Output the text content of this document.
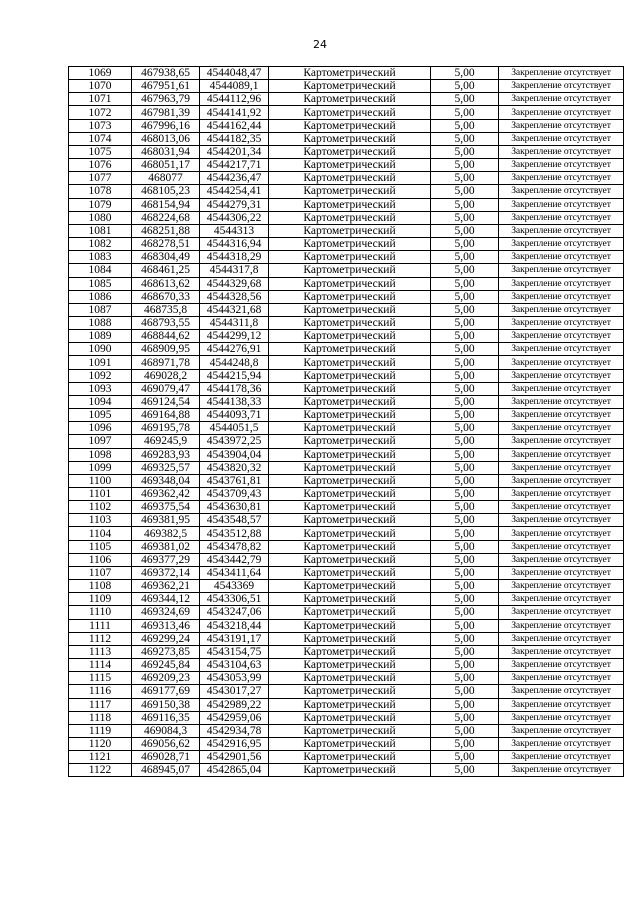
24
1069	467938,65	4544048,47	Картометрический	5,00	Закрепление отсутствует
1070	467951,61	4544089,1	Картометрический	5,00	Закрепление отсутствует
1071	467963,79	4544112,96	Картометрический	5,00	Закрепление отсутствует
1072	467981,39	4544141,92	Картометрический	5,00	Закрепление отсутствует
1073	467996,16	4544162,44	Картометрический	5,00	Закрепление отсутствует
1074	468013,06	4544182,35	Картометрический	5,00	Закрепление отсутствует
1075	468031,94	4544201,34	Картометрический	5,00	Закрепление отсутствует
1076	468051,17	4544217,71	Картометрический	5,00	Закрепление отсутствует
1077	468077	4544236,47	Картометрический	5,00	Закрепление отсутствует
1078	468105,23	4544254,41	Картометрический	5,00	Закрепление отсутствует
1079	468154,94	4544279,31	Картометрический	5,00	Закрепление отсутствует
1080	468224,68	4544306,22	Картометрический	5,00	Закрепление отсутствует
1081	468251,88	4544313	Картометрический	5,00	Закрепление отсутствует
1082	468278,51	4544316,94	Картометрический	5,00	Закрепление отсутствует
1083	468304,49	4544318,29	Картометрический	5,00	Закрепление отсутствует
1084	468461,25	4544317,8	Картометрический	5,00	Закрепление отсутствует
1085	468613,62	4544329,68	Картометрический	5,00	Закрепление отсутствует
1086	468670,33	4544328,56	Картометрический	5,00	Закрепление отсутствует
1087	468735,8	4544321,68	Картометрический	5,00	Закрепление отсутствует
1088	468793,55	4544311,8	Картометрический	5,00	Закрепление отсутствует
1089	468844,62	4544299,12	Картометрический	5,00	Закрепление отсутствует
1090	468909,95	4544276,91	Картометрический	5,00	Закрепление отсутствует
1091	468971,78	4544248,8	Картометрический	5,00	Закрепление отсутствует
1092	469028,2	4544215,94	Картометрический	5,00	Закрепление отсутствует
1093	469079,47	4544178,36	Картометрический	5,00	Закрепление отсутствует
1094	469124,54	4544138,33	Картометрический	5,00	Закрепление отсутствует
1095	469164,88	4544093,71	Картометрический	5,00	Закрепление отсутствует
1096	469195,78	4544051,5	Картометрический	5,00	Закрепление отсутствует
1097	469245,9	4543972,25	Картометрический	5,00	Закрепление отсутствует
1098	469283,93	4543904,04	Картометрический	5,00	Закрепление отсутствует
1099	469325,57	4543820,32	Картометрический	5,00	Закрепление отсутствует
1100	469348,04	4543761,81	Картометрический	5,00	Закрепление отсутствует
1101	469362,42	4543709,43	Картометрический	5,00	Закрепление отсутствует
1102	469375,54	4543630,81	Картометрический	5,00	Закрепление отсутствует
1103	469381,95	4543548,57	Картометрический	5,00	Закрепление отсутствует
1104	469382,5	4543512,88	Картометрический	5,00	Закрепление отсутствует
1105	469381,02	4543478,82	Картометрический	5,00	Закрепление отсутствует
1106	469377,29	4543442,79	Картометрический	5,00	Закрепление отсутствует
1107	469372,14	4543411,64	Картометрический	5,00	Закрепление отсутствует
1108	469362,21	4543369	Картометрический	5,00	Закрепление отсутствует
1109	469344,12	4543306,51	Картометрический	5,00	Закрепление отсутствует
1110	469324,69	4543247,06	Картометрический	5,00	Закрепление отсутствует
1111	469313,46	4543218,44	Картометрический	5,00	Закрепление отсутствует
1112	469299,24	4543191,17	Картометрический	5,00	Закрепление отсутствует
1113	469273,85	4543154,75	Картометрический	5,00	Закрепление отсутствует
1114	469245,84	4543104,63	Картометрический	5,00	Закрепление отсутствует
1115	469209,23	4543053,99	Картометрический	5,00	Закрепление отсутствует
1116	469177,69	4543017,27	Картометрический	5,00	Закрепление отсутствует
1117	469150,38	4542989,22	Картометрический	5,00	Закрепление отсутствует
1118	469116,35	4542959,06	Картометрический	5,00	Закрепление отсутствует
1119	469084,3	4542934,78	Картометрический	5,00	Закрепление отсутствует
1120	469056,62	4542916,95	Картометрический	5,00	Закрепление отсутствует
1121	469028,71	4542901,56	Картометрический	5,00	Закрепление отсутствует
1122	468945,07	4542865,04	Картометрический	5,00	Закрепление отсутствует
